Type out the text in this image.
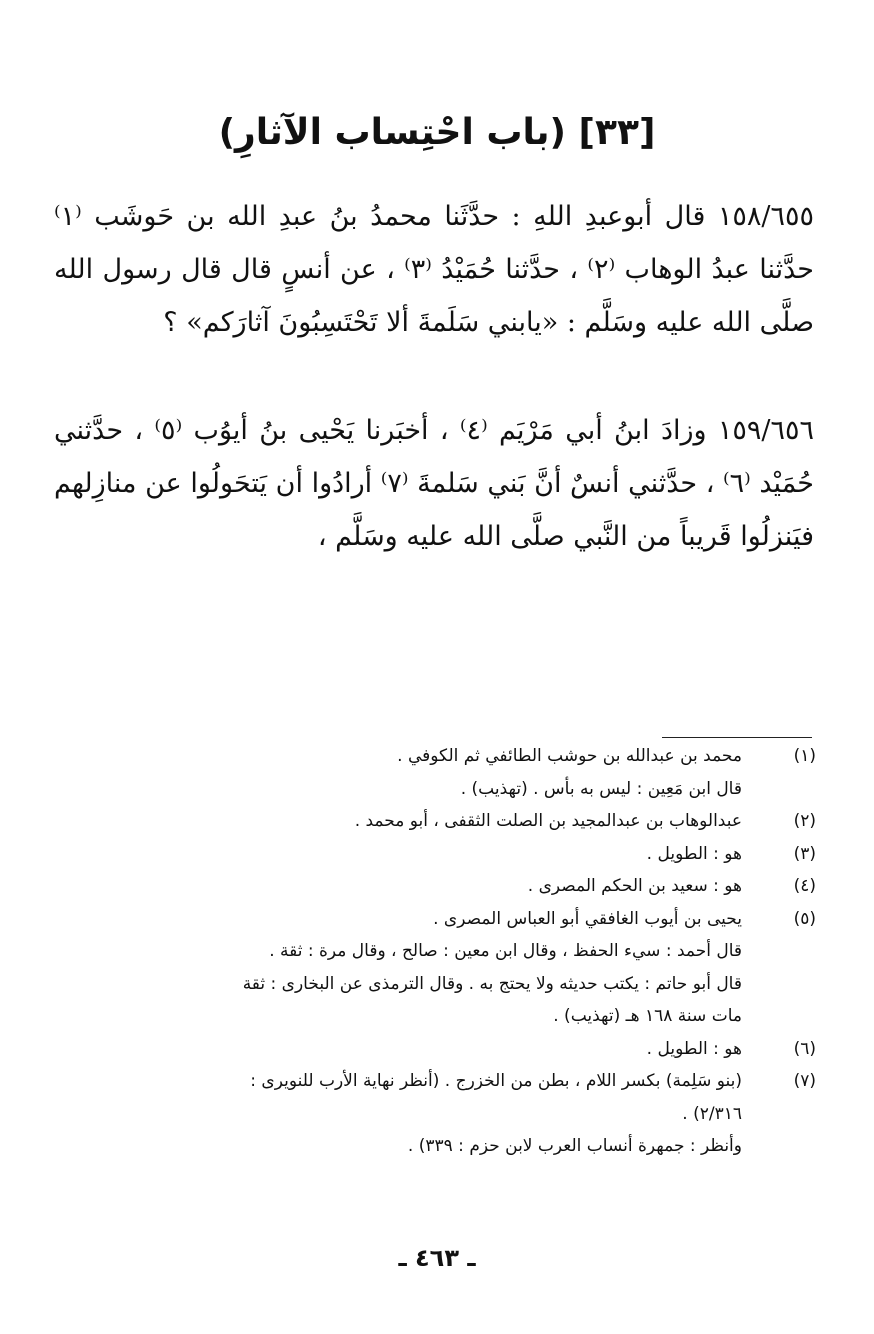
[٣٣] (باب احْتِساب الآثارِ)

١٥٨/٦٥٥ قال أبوعبدِ اللهِ : حدَّثَنا محمدُ بنُ عبدِ الله بن حَوشَب ⁽١⁾ حدَّثنا عبدُ الوهاب ⁽٢⁾ ، حدَّثنا حُمَيْدُ ⁽٣⁾ ، عن أنسٍ قال قال رسول الله صلَّى الله عليه وسَلَّم : «يابني سَلَمةَ ألا تَحْتَسِبُونَ آثارَكم» ؟

١٥٩/٦٥٦ وزادَ ابنُ أبي مَرْيَم ⁽٤⁾ ، أخبَرنا يَحْيى بنُ أيوُب ⁽٥⁾ ، حدَّثني حُمَيْد ⁽٦⁾ ، حدَّثني أنسٌ أنَّ بَني سَلمةَ ⁽٧⁾ أرادُوا أن يَتحَولُوا عن منازِلهم فيَنزلُوا قَريباً من النَّبي صلَّى الله عليه وسَلَّم ،

(١)
محمد بن عبدالله بن حوشب الطائفي ثم الكوفي .
قال ابن مَعِين : ليس به بأس . (تهذيب) .
(٢)
عبدالوهاب بن عبدالمجيد بن الصلت الثقفى ، أبو محمد .
(٣)
هو : الطويل .
(٤)
هو : سعيد بن الحكم المصرى .
(٥)
يحيى بن أيوب الغافقي أبو العباس المصرى .
قال أحمد : سيء الحفظ ، وقال ابن معين : صالح ، وقال مرة : ثقة .
قال أبو حاتم : يكتب حديثه ولا يحتج به . وقال الترمذى عن البخارى : ثقة
مات سنة ١٦٨ هـ (تهذيب) .
(٦)
هو : الطويل .
(٧)
(بنو سَلِمة) بكسر اللام ، بطن من الخزرج . (أنظر نهاية الأرب للنويرى :
٢/٣١٦) .
وأنظر : جمهرة أنساب العرب لابن حزم : ٣٣٩) .
ـ ٤٦٣ ـ
